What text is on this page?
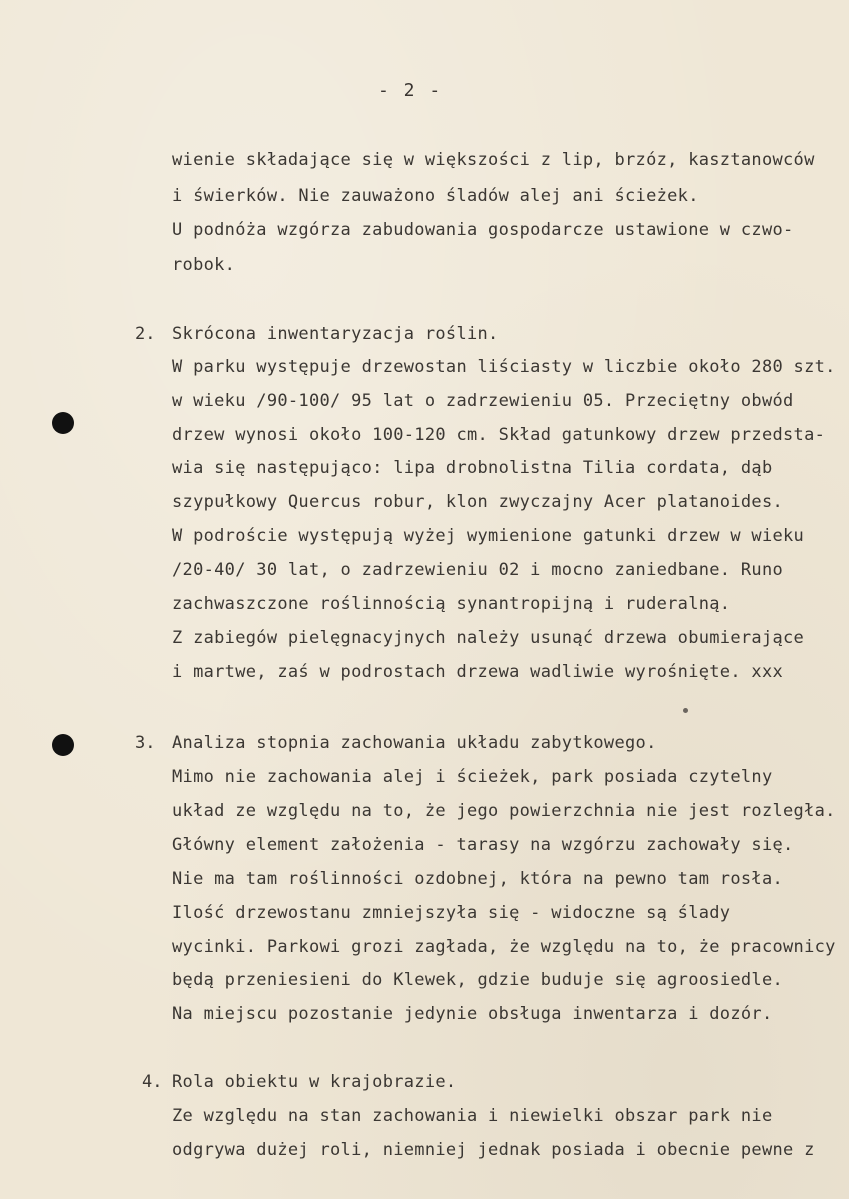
- 2 -
wienie składające się w większości z lip, brzóz, kasztanowców
i świerków. Nie zauważono śladów alej ani ścieżek.
U podnóża wzgórza zabudowania gospodarcze ustawione w czwo-
robok.
2. Skrócona inwentaryzacja roślin.
W parku występuje drzewostan liściasty w liczbie około 280 szt.
w wieku /90-100/ 95 lat o zadrzewieniu 05. Przeciętny obwód
drzew wynosi około 100-120 cm. Skład gatunkowy drzew przedsta-
wia się następująco: lipa drobnolistna Tilia cordata, dąb
szypułkowy Quercus robur, klon zwyczajny Acer platanoides.
W podroście występują wyżej wymienione gatunki drzew w wieku
/20-40/ 30 lat, o zadrzewieniu 02 i mocno zaniedbane. Runo
zachwaszczone roślinnością synantropijną i ruderalną.
Z zabiegów pielęgnacyjnych należy usunąć drzewa obumierające
i martwe, zaś w podrostach drzewa wadliwie wyrośnięte. xxx
3. Analiza stopnia zachowania układu zabytkowego.
Mimo nie zachowania alej i ścieżek, park posiada czytelny
układ ze względu na to, że jego powierzchnia nie jest rozległa.
Główny element założenia - tarasy na wzgórzu zachowały się.
Nie ma tam roślinności ozdobnej, która na pewno tam rosła.
Ilość drzewostanu zmniejszyła się - widoczne są ślady
wycinki. Parkowi grozi zagłada, że względu na to, że pracownicy
będą przeniesieni do Klewek, gdzie buduje się agroosiedle.
Na miejscu pozostanie jedynie obsługa inwentarza i dozór.
4. Rola obiektu w krajobrazie.
Ze względu na stan zachowania i niewielki obszar park nie
odgrywa dużej roli, niemniej jednak posiada i obecnie pewne z
